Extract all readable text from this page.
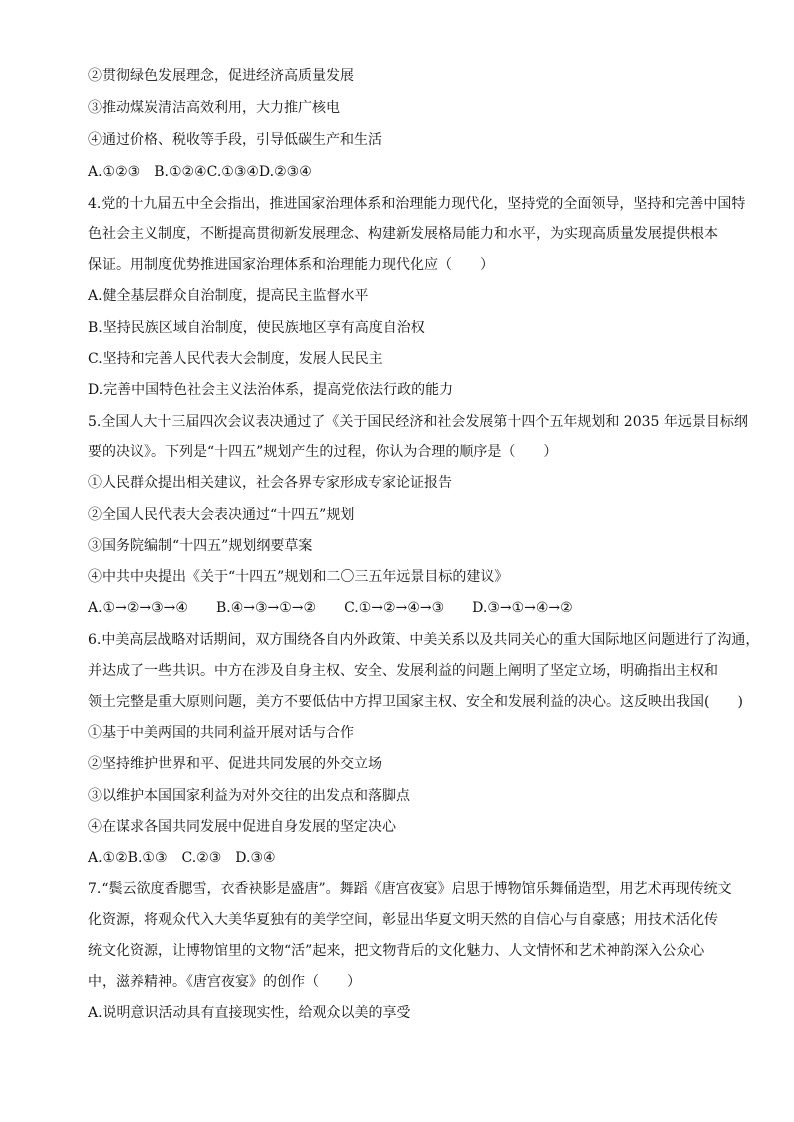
②贯彻绿色发展理念，促进经济高质量发展
③推动煤炭清洁高效利用，大力推广核电
④通过价格、税收等手段，引导低碳生产和生活
A.①②③　B.①②④C.①③④D.②③④
4.党的十九届五中全会指出，推进国家治理体系和治理能力现代化，坚持党的全面领导，坚持和完善中国特
色社会主义制度，不断提高贯彻新发展理念、构建新发展格局能力和水平，为实现高质量发展提供根本
保证。用制度优势推进国家治理体系和治理能力现代化应（　　）
A.健全基层群众自治制度，提高民主监督水平
B.坚持民族区域自治制度，使民族地区享有高度自治权
C.坚持和完善人民代表大会制度，发展人民民主
D.完善中国特色社会主义法治体系，提高党依法行政的能力
5.全国人大十三届四次会议表决通过了《关于国民经济和社会发展第十四个五年规划和 2035 年远景目标纲
要的决议》。下列是“十四五”规划产生的过程，你认为合理的顺序是（　　）
①人民群众提出相关建议，社会各界专家形成专家论证报告
②全国人民代表大会表决通过“十四五”规划
③国务院编制“十四五”规划纲要草案
④中共中央提出《关于“十四五”规划和二〇三五年远景目标的建议》
A.①→②→③→④　　B.④→③→①→②　　C.①→②→④→③　　D.③→①→④→②
6.中美高层战略对话期间，双方围绕各自内外政策、中美关系以及共同关心的重大国际地区问题进行了沟通，
并达成了一些共识。中方在涉及自身主权、安全、发展利益的问题上阐明了坚定立场，明确指出主权和
领土完整是重大原则问题，美方不要低估中方捍卫国家主权、安全和发展利益的决心。这反映出我国(　　)
①基于中美两国的共同利益开展对话与合作
②坚持维护世界和平、促进共同发展的外交立场
③以维护本国国家利益为对外交往的出发点和落脚点
④在谋求各国共同发展中促进自身发展的坚定决心
A.①②B.①③　C.②③　D.③④
7.“鬓云欲度香腮雪，衣香袂影是盛唐”。舞蹈《唐宫夜宴》启思于博物馆乐舞俑造型，用艺术再现传统文
化资源，将观众代入大美华夏独有的美学空间，彰显出华夏文明天然的自信心与自豪感；用技术活化传
统文化资源，让博物馆里的文物“活”起来，把文物背后的文化魅力、人文情怀和艺术神韵深入公众心
中，滋养精神。《唐宫夜宴》的创作（　　）
A.说明意识活动具有直接现实性，给观众以美的享受
